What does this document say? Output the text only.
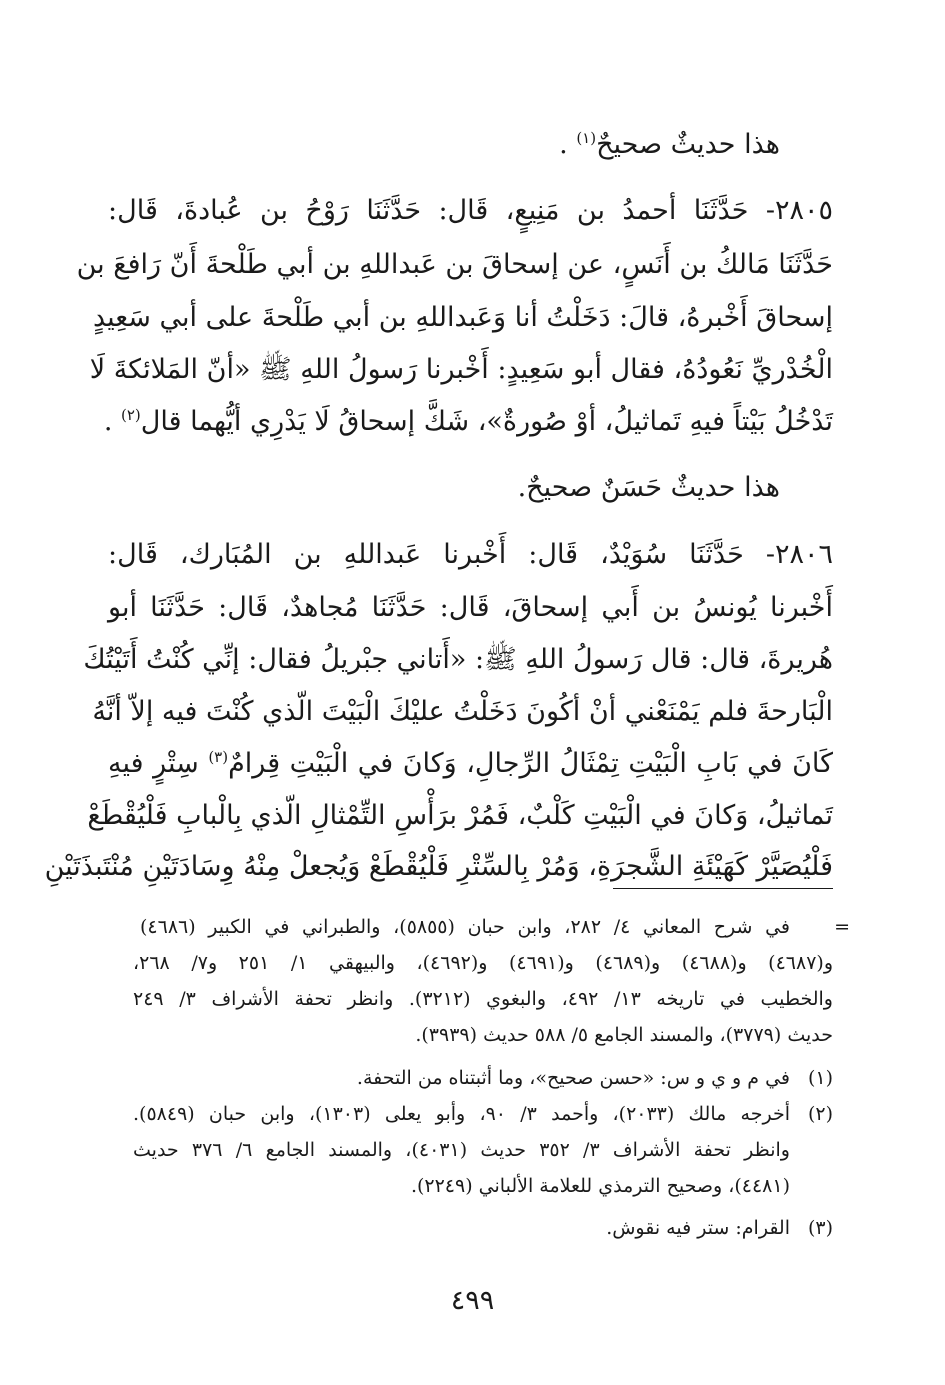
هذا حديثٌ صحيحٌ$^{(١)}$ .
٢٨٠٥- حَدَّثَنَا أحمدُ بن مَنِيعٍ، قَال: حَدَّثَنَا رَوْحُ بن عُبادةَ، قَال:
حَدَّثَنَا مَالكُ بن أَنَسٍ، عن إسحاقَ بن عَبداللهِ بن أبي طَلْحةَ أَنّ رَافعَ بن
إسحاقَ أَخْبرهُ، قالَ: دَخَلْتُ أنا وَعَبداللهِ بن أبي طَلْحةَ على أبي سَعِيدٍ
الْخُدْريِّ نَعُودُهُ، فقال أبو سَعِيدٍ: أَخْبرنا رَسولُ اللهِ ﷺ «أنّ المَلائكةَ لَا
تَدْخُلُ بَيْتاً فيهِ تَماثيلُ، أوْ صُورةٌ»، شَكَّ إسحاقُ لَا يَدْرِي أيُّهما قال$^{(٢)}$ .
هذا حديثٌ حَسَنٌ صحيحٌ.
٢٨٠٦- حَدَّثَنَا سُوَيْدٌ، قَال: أَخْبرنا عَبداللهِ بن المُبَارك، قَال:
أَخْبرنا يُونسُ بن أَبي إسحاقَ، قَال: حَدَّثَنَا مُجاهدٌ، قَال: حَدَّثَنَا أبو
هُريرةَ، قال: قال رَسولُ اللهِ ﷺ: «أَتاني جبْريلُ فقال: إنِّي كُنْتُ أَتَيْتُكَ
الْبَارحةَ فلم يَمْنَعْني أنْ أكُونَ دَخَلْتُ عليْكَ الْبَيْتَ الّذي كُنْتَ فيه إلاّ أنَّهُ
كَانَ في بَابِ الْبَيْتِ تِمْثَالُ الرِّجالِ، وَكانَ في الْبَيْتِ قِرامٌ$^{(٣)}$ سِتْرٍ فيهِ
تَماثيلُ، وَكانَ في الْبَيْتِ كَلْبٌ، فَمُرْ برَأْسِ التِّمْثالِ الّذي بِالْبابِ فَلْيُقْطَعْ
فَلْيُصَيَّرْ كَهَيْئَةِ الشَّجرَةِ، وَمُرْ بِالسِّتْرِ فَلْيُقْطَعْ وَيُجعلْ مِنْهُ وِسَادَتَيْنِ مُنْتَبذَتَيْنِ
=
في شرح المعاني ٤/ ٢٨٢، وابن حبان (٥٨٥٥)، والطبراني في الكبير (٤٦٨٦)
و(٤٦٨٧) و(٤٦٨٨) و(٤٦٨٩) و(٤٦٩١) و(٤٦٩٢)، والبيهقي ١/ ٢٥١ و٧/ ٢٦٨،
والخطيب في تاريخه ١٣/ ٤٩٢، والبغوي (٣٢١٢). وانظر تحفة الأشراف ٣/ ٢٤٩
حديث (٣٧٧٩)، والمسند الجامع ٥/ ٥٨٨ حديث (٣٩٣٩).
(١)
في م و ي و س: «حسن صحيح»، وما أثبتناه من التحفة.
(٢)
أخرجه مالك (٢٠٣٣)، وأحمد ٣/ ٩٠، وأبو يعلى (١٣٠٣)، وابن حبان (٥٨٤٩).
وانظر تحفة الأشراف ٣/ ٣٥٢ حديث (٤٠٣١)، والمسند الجامع ٦/ ٣٧٦ حديث
(٤٤٨١)، وصحيح الترمذي للعلامة الألباني (٢٢٤٩).
(٣)
القرام: ستر فيه نقوش.
٤٩٩
